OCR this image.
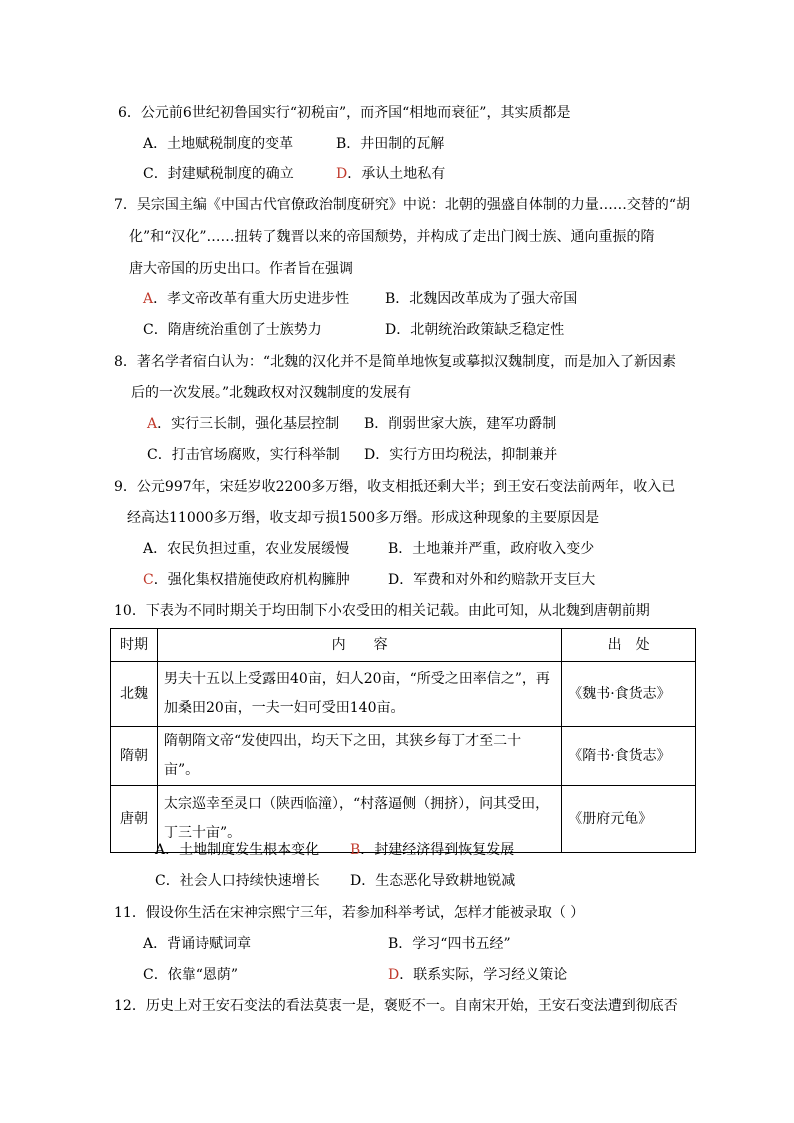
6．公元前6世纪初鲁国实行“初税亩”，而齐国“相地而衰征”，其实质都是
A．土地赋税制度的变革	B．井田制的瓦解
C．封建赋税制度的确立	D．承认土地私有
7．吴宗国主编《中国古代官僚政治制度研究》中说：北朝的强盛自体制的力量……交替的“胡
化”和“汉化”……扭转了魏晋以来的帝国颓势，并构成了走出门阀士族、通向重振的隋
唐大帝国的历史出口。作者旨在强调
A．孝文帝改革有重大历史进步性	B．北魏因改革成为了强大帝国
C．隋唐统治重创了士族势力	D．北朝统治政策缺乏稳定性
8．著名学者宿白认为：“北魏的汉化并不是简单地恢复或摹拟汉魏制度，而是加入了新因素
后的一次发展。”北魏政权对汉魏制度的发展有
A．实行三长制，强化基层控制 B．削弱世家大族，建军功爵制
C．打击官场腐败，实行科举制 D．实行方田均税法，抑制兼并
9．公元997年，宋廷岁收2200多万缗，收支相抵还剩大半；到王安石变法前两年，收入已
经高达11000多万缗，收支却亏损1500多万缗。形成这种现象的主要原因是
A．农民负担过重，农业发展缓慢	B．土地兼并严重，政府收入变少
C．强化集权措施使政府机构臃肿	D．军费和对外和约赔款开支巨大
10．下表为不同时期关于均田制下小农受田的相关记载。由此可知，从北魏到唐朝前期
时期	内　　容	出　处
北魏	男夫十五以上受露田40亩，妇人20亩，“所受之田率信之”，再
加桑田20亩，一夫一妇可受田140亩。	《魏书·食货志》
隋朝	隋朝隋文帝“发使四出，均天下之田，其狭乡每丁才至二十亩”。	《隋书·食货志》
唐朝	太宗巡幸至灵口（陕西临潼），“村落逼侧（拥挤），问其受田，
丁三十亩”。	《册府元龟》
A．土地制度发生根本变化 B．封建经济得到恢复发展
C．社会人口持续快速增长 D．生态恶化导致耕地锐减
11．假设你生活在宋神宗熙宁三年，若参加科举考试，怎样才能被录取（ ）
A．背诵诗赋词章	B．学习“四书五经”
C．依靠“恩荫”	D．联系实际，学习经义策论
12．历史上对王安石变法的看法莫衷一是，褒贬不一。自南宋开始，王安石变法遭到彻底否
